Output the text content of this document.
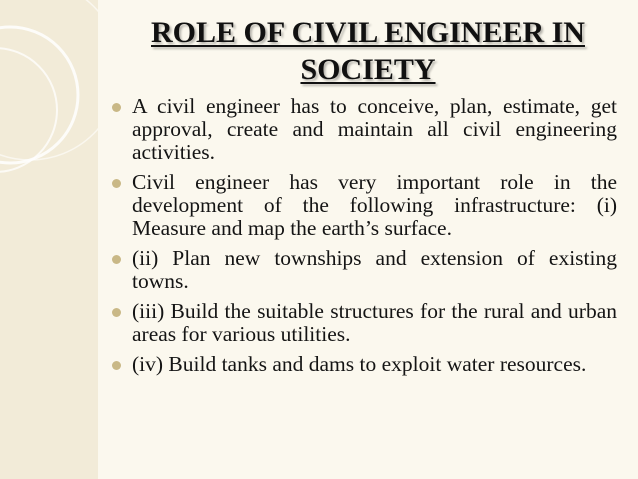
ROLE OF CIVIL ENGINEER IN SOCIETY
A civil engineer has to conceive, plan, estimate, get approval, create and maintain all civil engineering activities.
Civil engineer has very important role in the development of the following infrastructure: (i) Measure and map the earth’s surface.
(ii) Plan new townships and extension of existing towns.
(iii) Build the suitable structures for the rural and urban areas for various utilities.
(iv) Build tanks and dams to exploit water resources.
